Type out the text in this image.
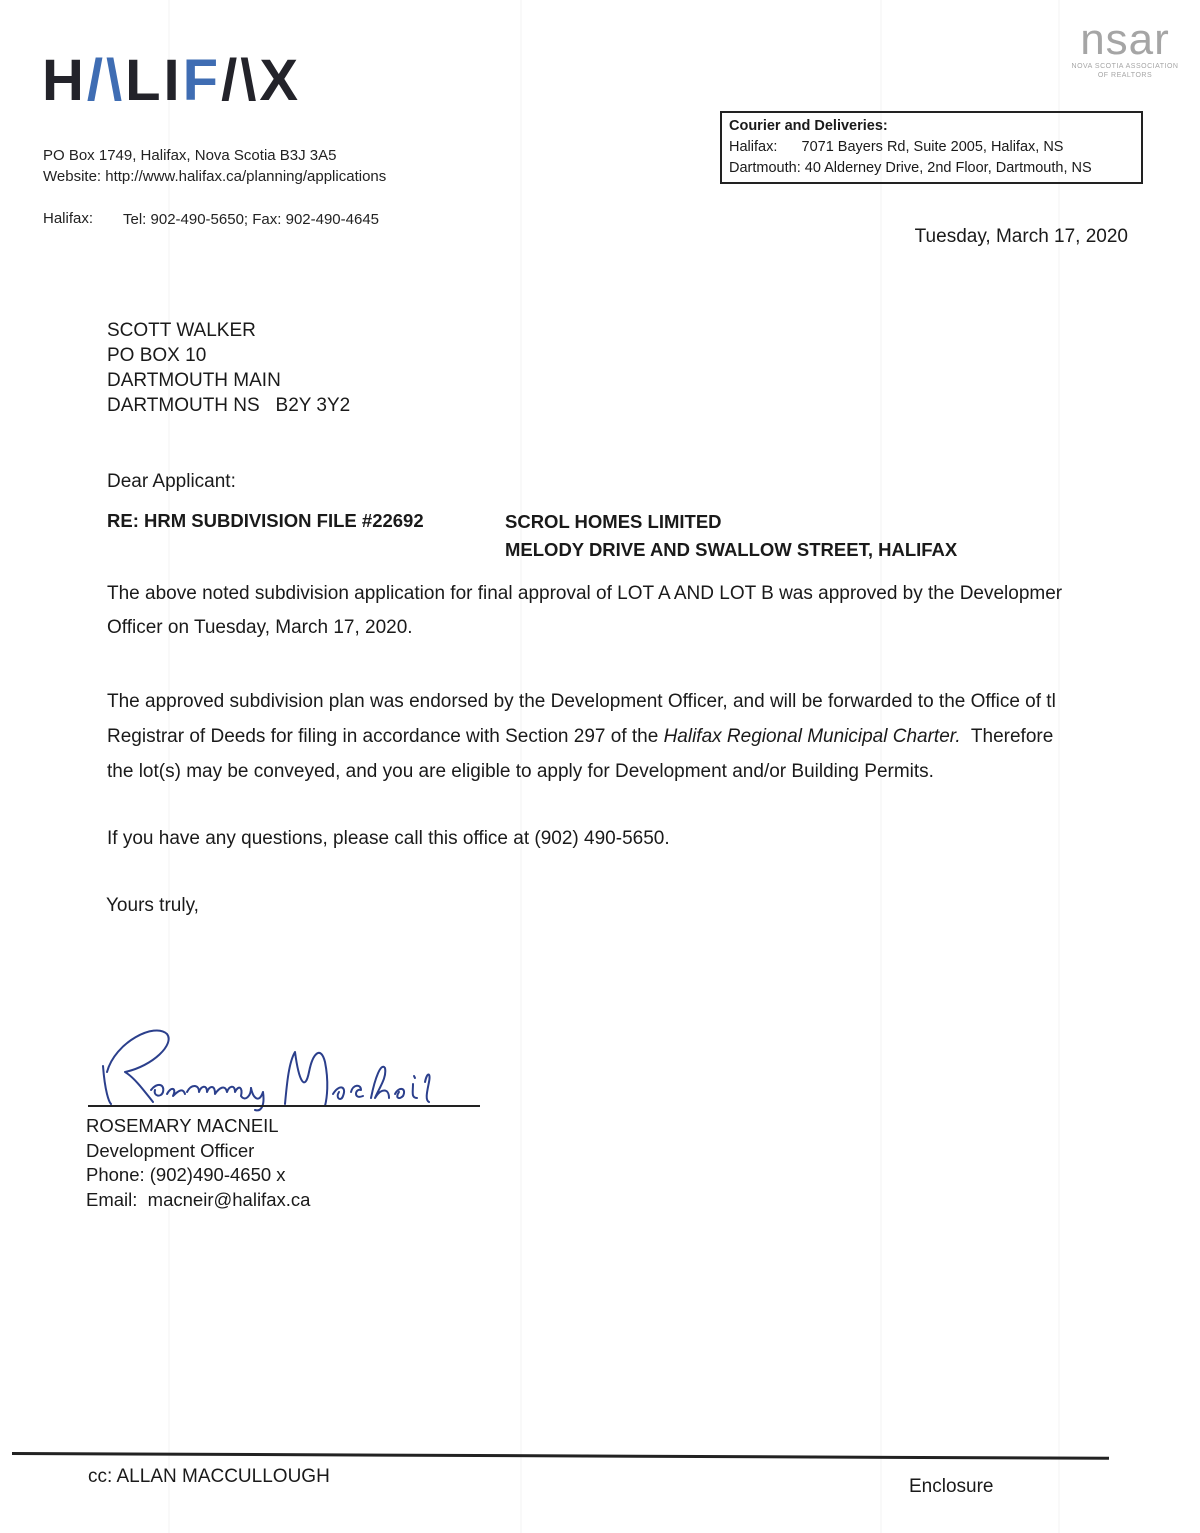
H/\LIF/\X
nsar
NOVA SCOTIA ASSOCIATION
OF REALTORS
PO Box 1749, Halifax, Nova Scotia B3J 3A5
Website: http://www.halifax.ca/planning/applications
Halifax: Tel: 902-490-5650; Fax: 902-490-4645
Courier and Deliveries:
Halifax:      7071 Bayers Rd, Suite 2005, Halifax, NS
Dartmouth: 40 Alderney Drive, 2nd Floor, Dartmouth, NS
Tuesday, March 17, 2020
SCOTT WALKER
PO BOX 10
DARTMOUTH MAIN
DARTMOUTH NS   B2Y 3Y2
Dear Applicant:
RE: HRM SUBDIVISION FILE #22692	SCROL HOMES LIMITED
MELODY DRIVE AND SWALLOW STREET, HALIFAX
The above noted subdivision application for final approval of LOT A AND LOT B was approved by the Developmer
Officer on Tuesday, March 17, 2020.
The approved subdivision plan was endorsed by the Development Officer, and will be forwarded to the Office of tl
Registrar of Deeds for filing in accordance with Section 297 of the Halifax Regional Municipal Charter.  Therefore
the lot(s) may be conveyed, and you are eligible to apply for Development and/or Building Permits.
If you have any questions, please call this office at (902) 490-5650.
Yours truly,
ROSEMARY MACNEIL
Development Officer
Phone: (902)490-4650 x
Email:  macneir@halifax.ca
cc: ALLAN MACCULLOUGH	Enclosure
